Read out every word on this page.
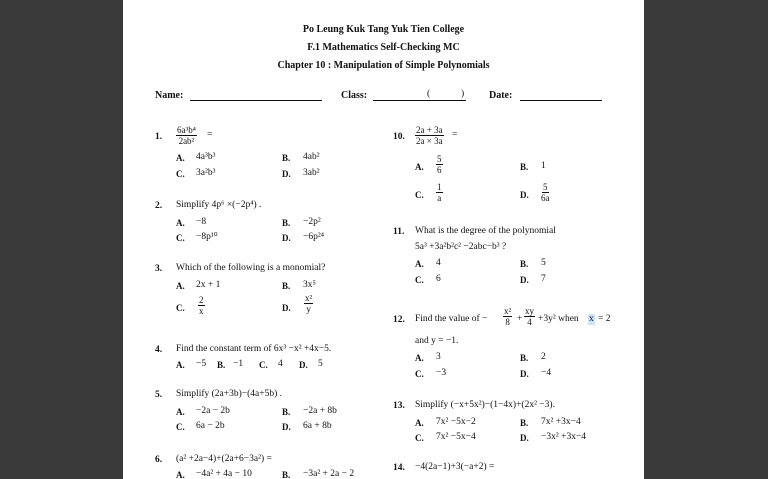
Po Leung Kuk Tang Yuk Tien College
F.1 Mathematics Self-Checking MC
Chapter 10 : Manipulation of Simple Polynomials
Name:	Class:	(	) Date:
1. $\frac{\text{6a³b⁴}}{\text{2ab²}}$ =
A. 4a³b³	B. 4ab²
C. 3a²b³	D. 3ab²
2. Simplify 4p⁶ ×(−2p⁴) .
A. −8	B. −2p²
C. −8p¹⁰	D. −6p²⁴
3. Which of the following is a monomial?
A. 2x + 1	B. 3x⁵
C. $\frac{2}{x}$	D. $\frac{\text{x²}}{y}$
4. Find the constant term of 6x³ −x² +4x−5.
A. −5 B. −1 C. 4 D. 5
5. Simplify (2a+3b)−(4a+5b) .
A. −2a − 2b	B. −2a + 8b
C. 6a − 2b	D. 6a + 8b
6. (a² +2a−4)+(2a+6−3a²) =
A. −4a² + 4a − 10	B. −3a² + 2a − 2
10. $\frac{2a + 3a}{2a \times 3a}$ =
A. $\frac{5}{6}$	B. 1
C. $\frac{1}{a}$	D. $\frac{5}{6a}$
11. What is the degree of the polynomial
5a³ +3a²b²c² −2abc−b³ ?
A. 4	B. 5
C. 6	D. 7
12. Find the value of − $\frac{\text{x²}}{8} + \frac{xy}{4} +3y^2$ when x = 2
and y = −1.
A. 3	B. 2
C. −3	D. −4
13. Simplify (−x+5x²)−(1−4x)+(2x² −3).
A. 7x² −5x−2	B. 7x² +3x−4
C. 7x² −5x−4	D. −3x² +3x−4
14. −4(2a−1)+3(−a+2) =
